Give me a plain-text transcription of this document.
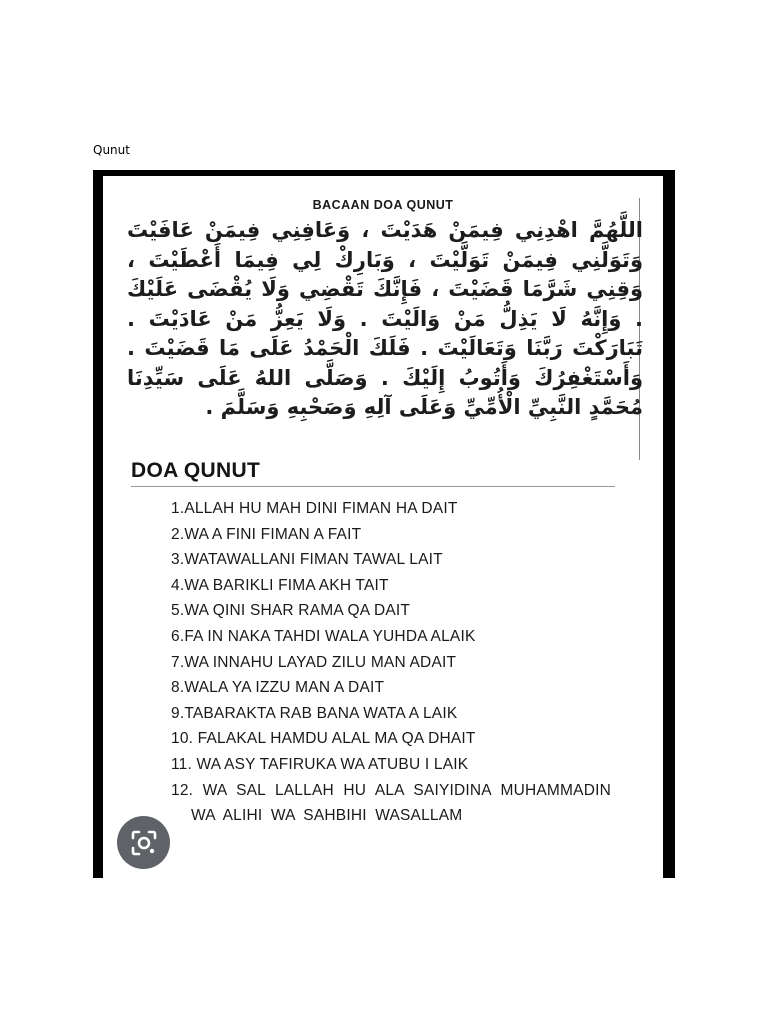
Qunut
BACAAN DOA QUNUT
اللَّهُمَّ اهْدِنِي فِيمَنْ هَدَيْتَ ، وَعَافِنِي فِيمَنْ عَافَيْتَ وَتَوَلَّنِي فِيمَنْ تَوَلَّيْتَ ، وَبَارِكْ لِي فِيمَا أَعْطَيْتَ ، وَقِنِي شَرَّمَا قَضَيْتَ ، فَإِنَّكَ تَقْضِي وَلَا يُقْضَى عَلَيْكَ . وَإِنَّهُ لَا يَذِلُّ مَنْ وَالَيْتَ . وَلَا يَعِزُّ مَنْ عَادَيْتَ . تَبَارَكْتَ رَبَّنَا وَتَعَالَيْتَ . فَلَكَ الْحَمْدُ عَلَى مَا قَضَيْتَ . وَأَسْتَغْفِرُكَ وَأَتُوبُ إِلَيْكَ . وَصَلَّى اللهُ عَلَى سَيِّدِنَا مُحَمَّدٍ النَّبِيِّ الْأُمِّيِّ وَعَلَى آلِهِ وَصَحْبِهِ وَسَلَّمَ .
DOA QUNUT
1.ALLAH HU MAH DINI FIMAN HA DAIT
2.WA A FINI FIMAN A FAIT
3.WATAWALLANI FIMAN TAWAL LAIT
4.WA BARIKLI FIMA AKH TAIT
5.WA QINI SHAR RAMA QA DAIT
6.FA IN NAKA TAHDI WALA YUHDA ALAIK
7.WA INNAHU LAYAD ZILU MAN ADAIT
8.WALA YA IZZU MAN A DAIT
9.TABARAKTA RAB BANA WATA A LAIK
10. FALAKAL HAMDU ALAL MA QA DHAIT
11. WA ASY TAFIRUKA WA ATUBU I LAIK
12. WA SAL LALLAH HU ALA SAIYIDINA MUHAMMADIN WA ALIHI WA SAHBIHI WASALLAM
